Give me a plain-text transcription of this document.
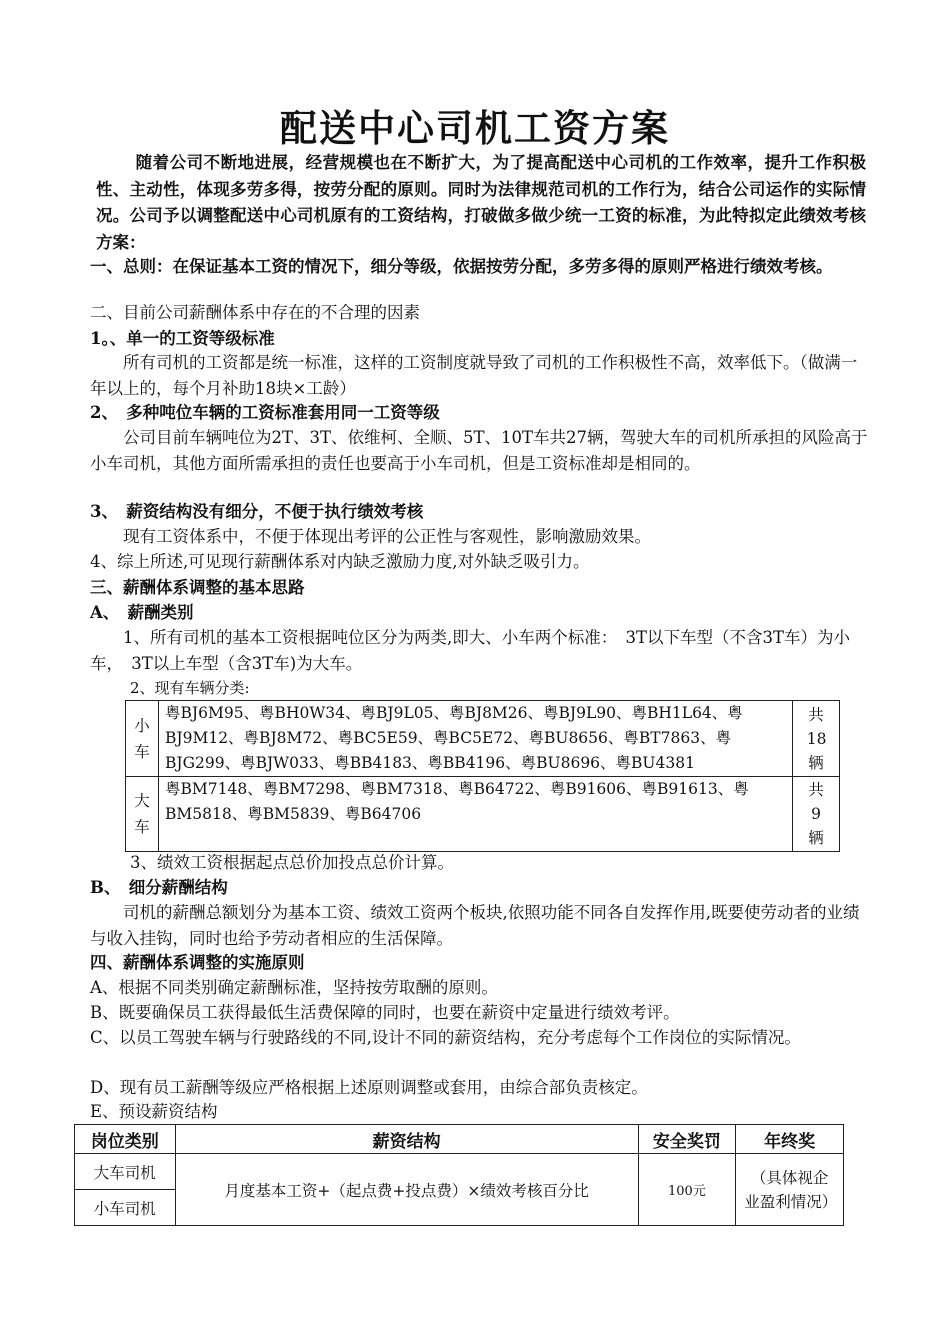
配送中心司机工资方案
随着公司不断地进展，经营规模也在不断扩大，为了提高配送中心司机的工作效率，提升工作积极性、主动性，体现多劳多得，按劳分配的原则。同时为法律规范司机的工作行为，结合公司运作的实际情况。公司予以调整配送中心司机原有的工资结构，打破做多做少统一工资的标准，为此特拟定此绩效考核方案：
一、总则：在保证基本工资的情况下，细分等级，依据按劳分配，多劳多得的原则严格进行绩效考核。
二、目前公司薪酬体系中存在的不合理的因素
1。、单一的工资等级标准
所有司机的工资都是统一标准，这样的工资制度就导致了司机的工作积极性不高，效率低下。（做满一年以上的，每个月补助18块×工龄）
2、　多种吨位车辆的工资标准套用同一工资等级
公司目前车辆吨位为2T、3T、依维柯、全顺、5T、10T车共27辆，驾驶大车的司机所承担的风险高于小车司机，其他方面所需承担的责任也要高于小车司机，但是工资标准却是相同的。
3、　薪资结构没有细分，不便于执行绩效考核
现有工资体系中，不便于体现出考评的公正性与客观性，影响激励效果。
4、综上所述,可见现行薪酬体系对内缺乏激励力度,对外缺乏吸引力。
三、薪酬体系调整的基本思路
A、　薪酬类别
1、所有司机的基本工资根据吨位区分为两类,即大、小车两个标准：　3T以下车型（不含3T车）为小车，　3T以上车型（含3T车)为大车。
2、现有车辆分类:
小车	粤BJ6M95、粤BH0W34、粤BJ9L05、粤BJ8M26、粤BJ9L90、粤BH1L64、粤BJ9M12、粤BJ8M72、粤BC5E59、粤BC5E72、粤BU8656、粤BT7863、粤BJG299、粤BJW033、粤BB4183、粤BB4196、粤BU8696、粤BU4381	共18辆

大车	粤BM7148、粤BM7298、粤BM7318、粤B64722、粤B91606、粤B91613、粤BM5818、粤BM5839、粤B64706	共9辆
3、绩效工资根据起点总价加投点总价计算。
B、　细分薪酬结构
司机的薪酬总额划分为基本工资、绩效工资两个板块,依照功能不同各自发挥作用,既要使劳动者的业绩与收入挂钩，同时也给予劳动者相应的生活保障。
四、薪酬体系调整的实施原则
A、根据不同类别确定薪酬标准，坚持按劳取酬的原则。
B、既要确保员工获得最低生活费保障的同时，也要在薪资中定量进行绩效考评。
C、以员工驾驶车辆与行驶路线的不同,设计不同的薪资结构，充分考虑每个工作岗位的实际情况。
D、现有员工薪酬等级应严格根据上述原则调整或套用，由综合部负责核定。
E、预设薪资结构
岗位类别	薪资结构	安全奖罚	年终奖
大车司机	月度基本工资+（起点费+投点费）×绩效考核百分比	100元	（具体视企业盈利情况）
小车司机			
